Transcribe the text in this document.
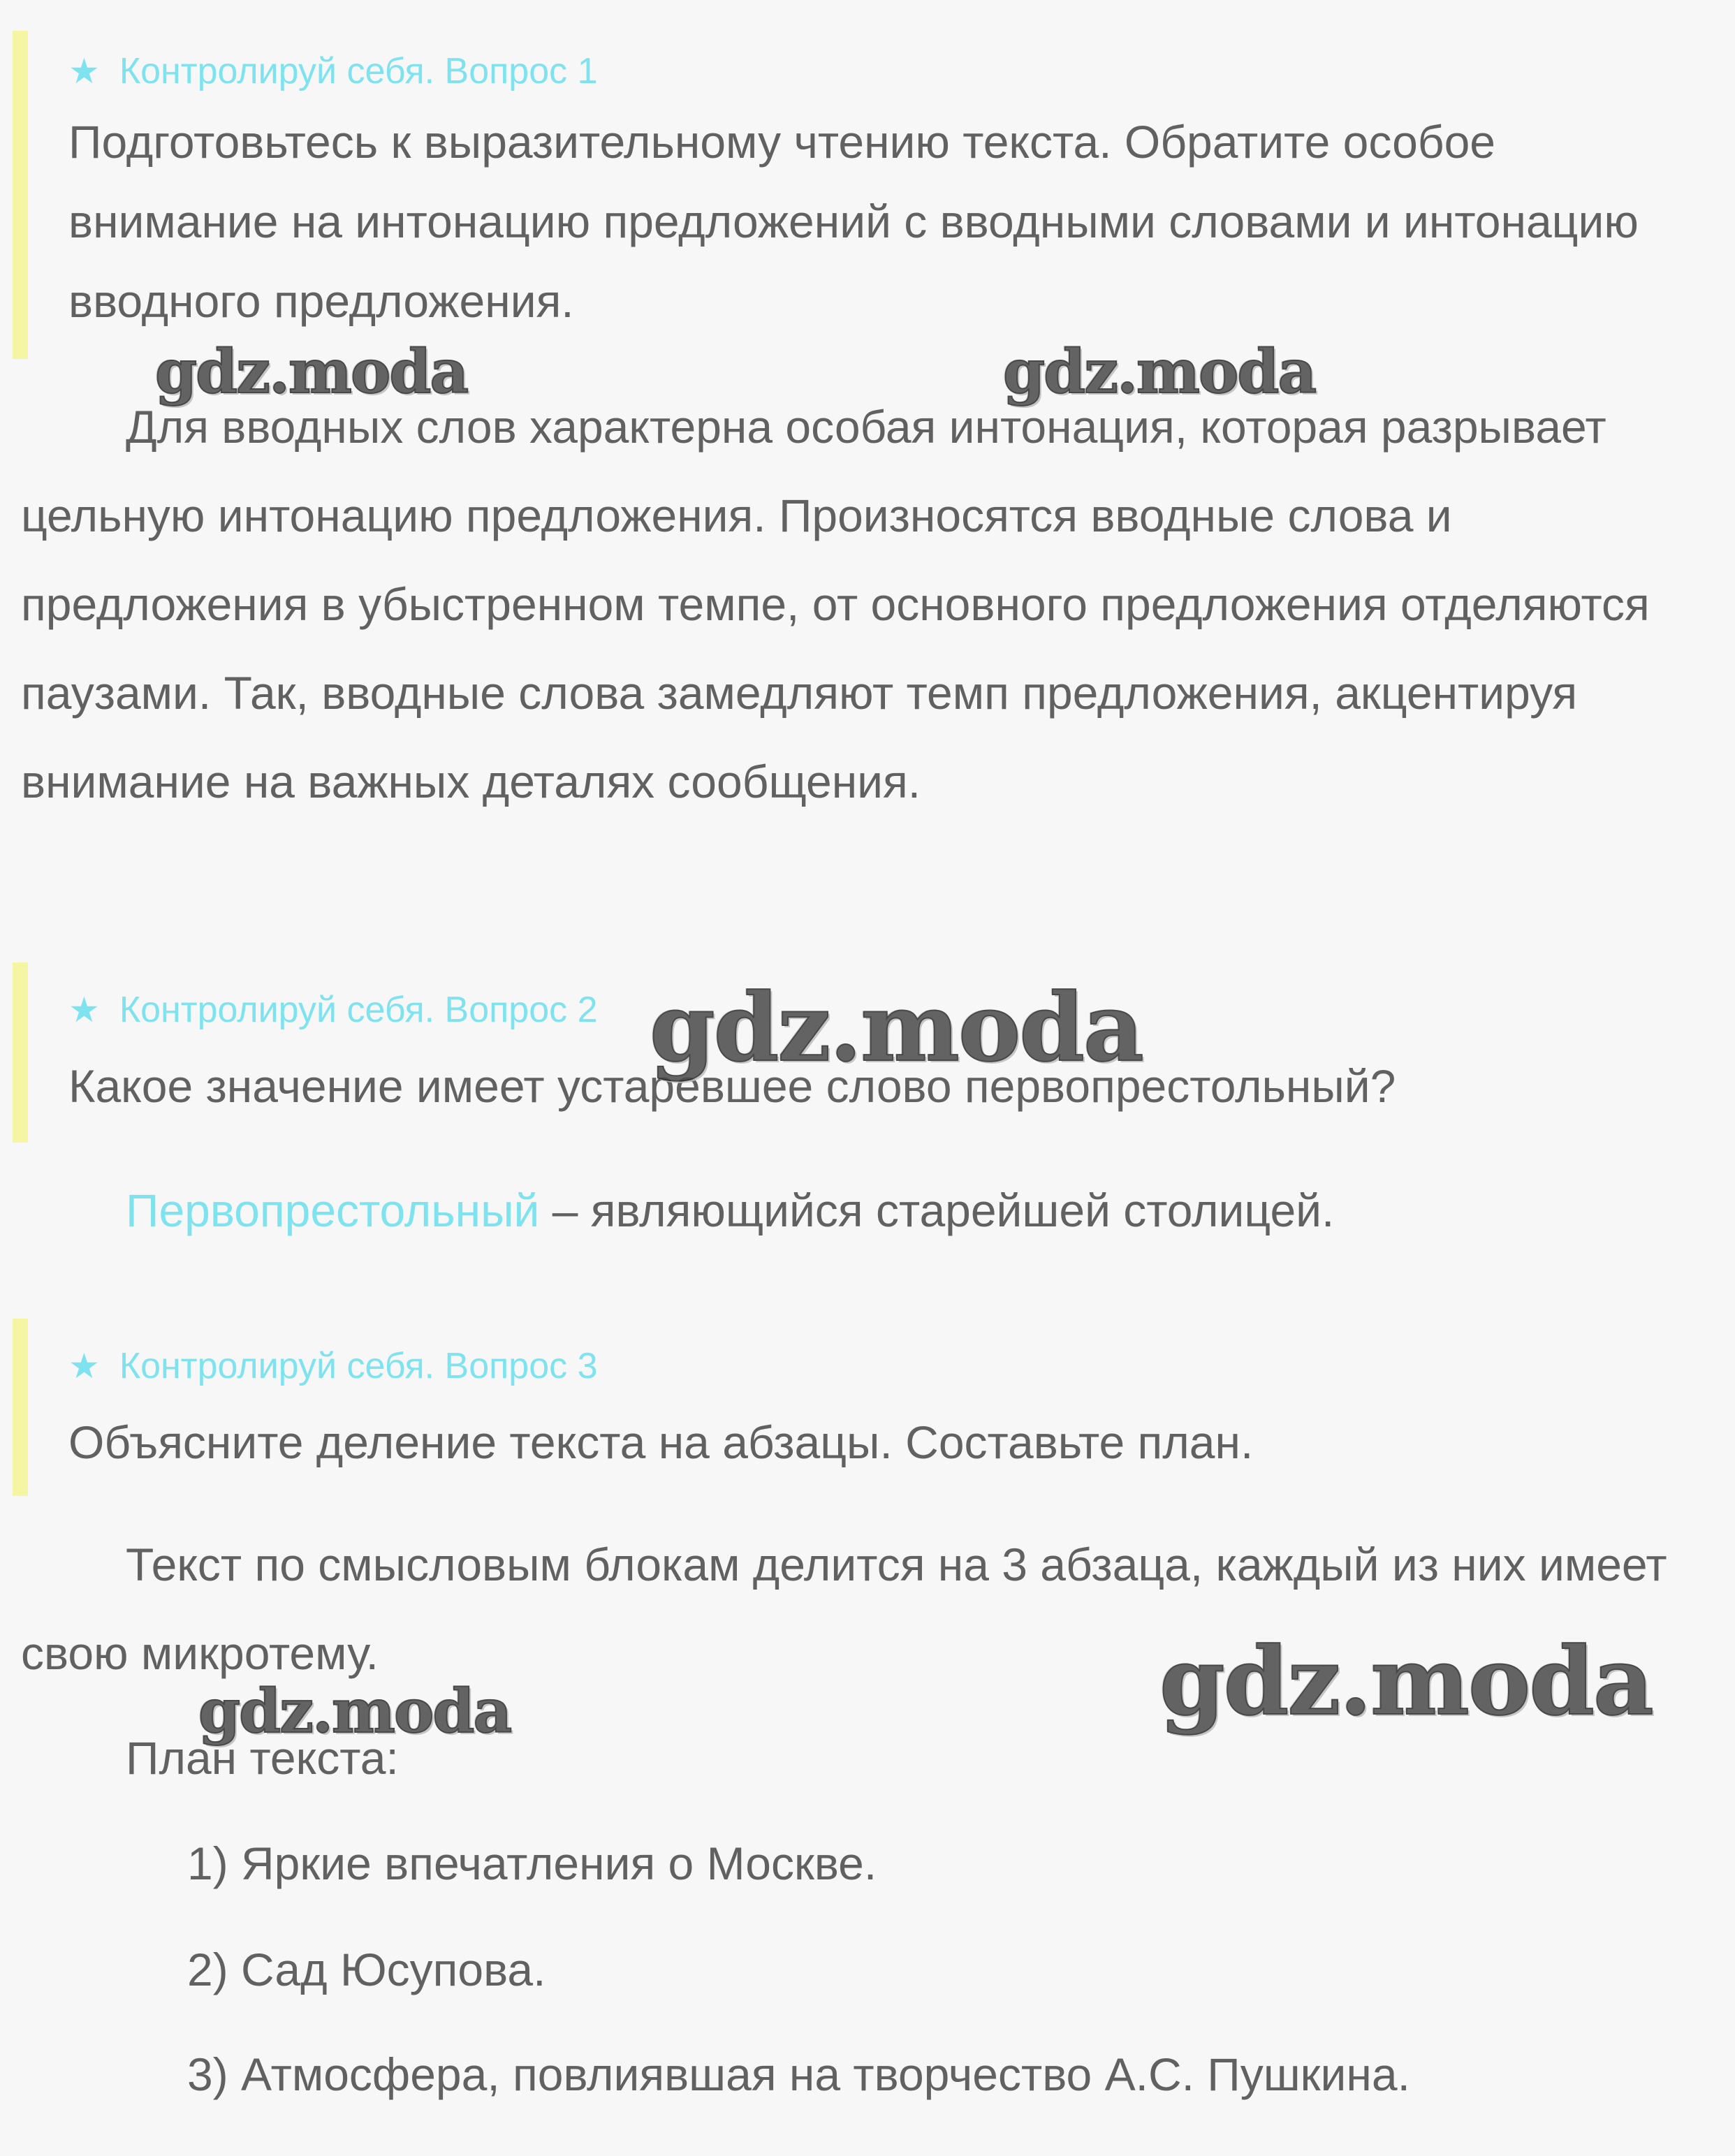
★ Контролируй себя. Вопрос 1
Подготовьтесь к выразительному чтению текста. Обратите особое внимание на интонацию предложений с вводными словами и интонацию вводного предложения.
Для вводных слов характерна особая интонация, которая разрывает цельную интонацию предложения. Произносятся вводные слова и предложения в убыстренном темпе, от основного предложения отделяются паузами. Так, вводные слова замедляют темп предложения, акцентируя внимание на важных деталях сообщения.
★ Контролируй себя. Вопрос 2
Какое значение имеет устаревшее слово первопрестольный?
Первопрестольный – являющийся старейшей столицей.
★ Контролируй себя. Вопрос 3
Объясните деление текста на абзацы. Составьте план.
Текст по смысловым блокам делится на 3 абзаца, каждый из них имеет свою микротему.
План текста:
1) Яркие впечатления о Москве.
2) Сад Юсупова.
3) Атмосфера, повлиявшая на творчество А.С. Пушкина.
gdz.moda	gdz.moda
gdz.moda
gdz.moda
gdz.moda
